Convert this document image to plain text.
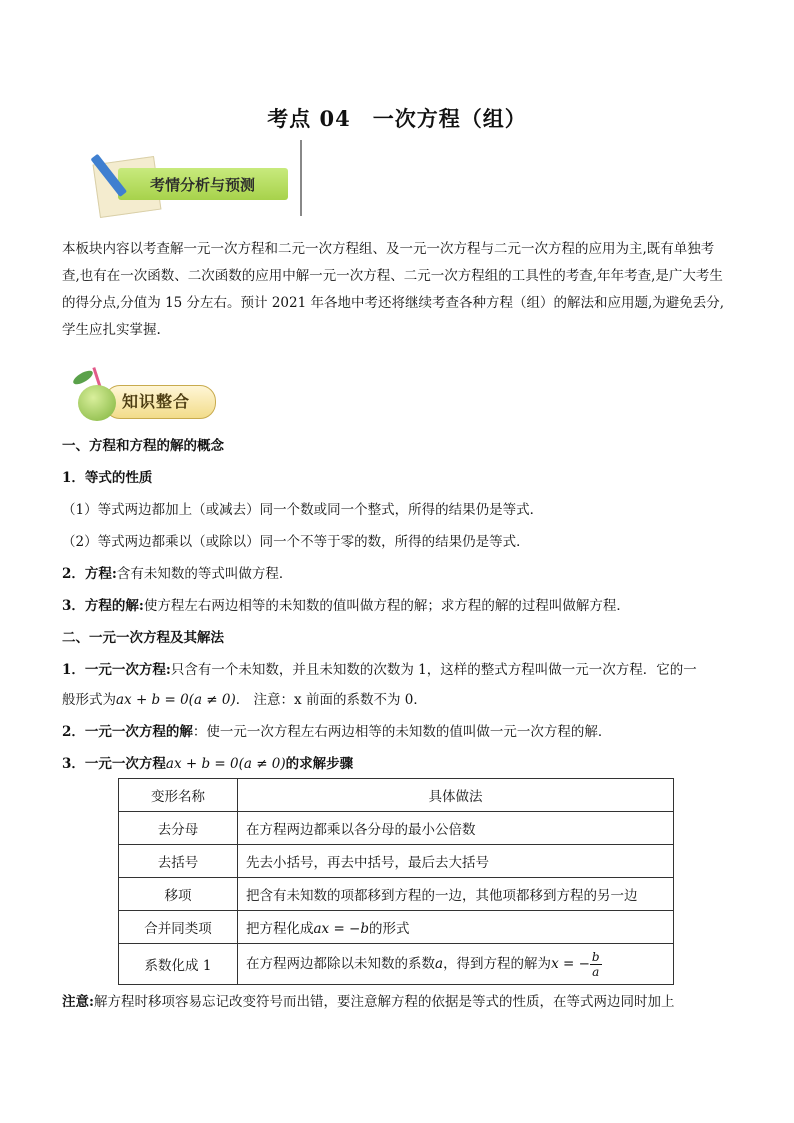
考点 04 一次方程（组）
考情分析与预测
本板块内容以考查解一元一次方程和二元一次方程组、及一元一次方程与二元一次方程的应用为主,既有单独考查,也有在一次函数、二次函数的应用中解一元一次方程、二元一次方程组的工具性的考查,年年考查,是广大考生的得分点,分值为 15 分左右。预计 2021 年各地中考还将继续考查各种方程（组）的解法和应用题,为避免丢分,学生应扎实掌握.
知识整合
一、方程和方程的解的概念
1．等式的性质
（1）等式两边都加上（或减去）同一个数或同一个整式，所得的结果仍是等式．
（2）等式两边都乘以（或除以）同一个不等于零的数，所得的结果仍是等式．
2．方程:含有未知数的等式叫做方程．
3．方程的解:使方程左右两边相等的未知数的值叫做方程的解；求方程的解的过程叫做解方程．
二、一元一次方程及其解法
1．一元一次方程:只含有一个未知数，并且未知数的次数为 1，这样的整式方程叫做一元一次方程．它的一
般形式为ax + b = 0(a ≠ 0)． 注意：x 前面的系数不为 0．
2．一元一次方程的解：使一元一次方程左右两边相等的未知数的值叫做一元一次方程的解．
3．一元一次方程ax + b = 0(a ≠ 0)的求解步骤
变形名称	具体做法
去分母	在方程两边都乘以各分母的最小公倍数
去括号	先去小括号，再去中括号，最后去大括号
移项	把含有未知数的项都移到方程的一边，其他项都移到方程的另一边
合并同类项	把方程化成ax = −b的形式
系数化成 1	在方程两边都除以未知数的系数a，得到方程的解为x = − $\frac{b}{a}$
注意:解方程时移项容易忘记改变符号而出错，要注意解方程的依据是等式的性质，在等式两边同时加上
